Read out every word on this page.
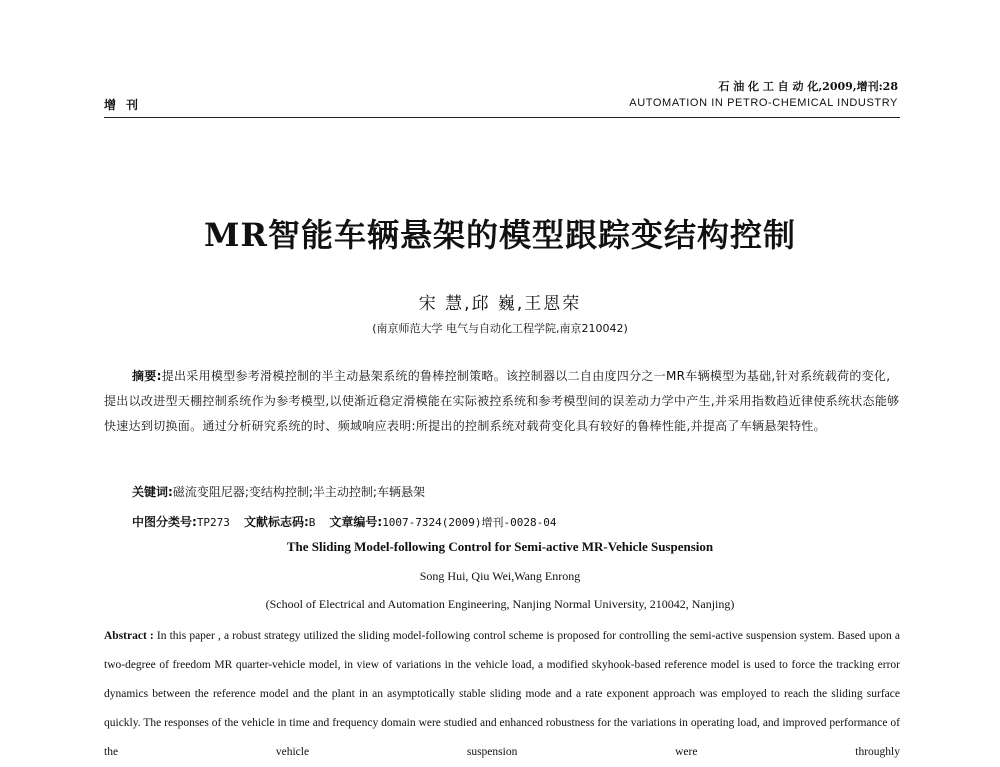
石 油 化 工 自 动 化,2009,增刊:28
AUTOMATION IN PETRO-CHEMICAL INDUSTRY
增刊
MR智能车辆悬架的模型跟踪变结构控制
宋 慧,邱 巍,王恩荣
(南京师范大学 电气与自动化工程学院,南京210042)
摘要:提出采用模型参考滑模控制的半主动悬架系统的鲁棒控制策略。该控制器以二自由度四分之一MR车辆模型为基础,针对系统载荷的变化,提出以改进型天棚控制系统作为参考模型,以使渐近稳定滑模能在实际被控系统和参考模型间的误差动力学中产生,并采用指数趋近律使系统状态能够快速达到切换面。通过分析研究系统的时、频域响应表明:所提出的控制系统对载荷变化具有较好的鲁棒性能,并提高了车辆悬架特性。
关键词:磁流变阻尼器;变结构控制;半主动控制;车辆悬架
中图分类号:TP273 文献标志码:B 文章编号:1007-7324(2009)增刊-0028-04
The Sliding Model-following Control for Semi-active MR-Vehicle Suspension
Song Hui, Qiu Wei,Wang Enrong
(School of Electrical and Automation Engineering, Nanjing Normal University, 210042, Nanjing)
Abstract : In this paper , a robust strategy utilized the sliding model-following control scheme is proposed for controlling the semi-active suspension system. Based upon a two-degree of freedom MR quarter-vehicle model, in view of variations in the vehicle load, a modified skyhook-based reference model is used to force the tracking error dynamics between the reference model and the plant in an asymptotically stable sliding mode and a rate exponent approach was employed to reach the sliding surface quickly. The responses of the vehicle in time and frequency domain were studied and enhanced robustness for the variations in operating load, and improved performance of the vehicle suspension were throughly
